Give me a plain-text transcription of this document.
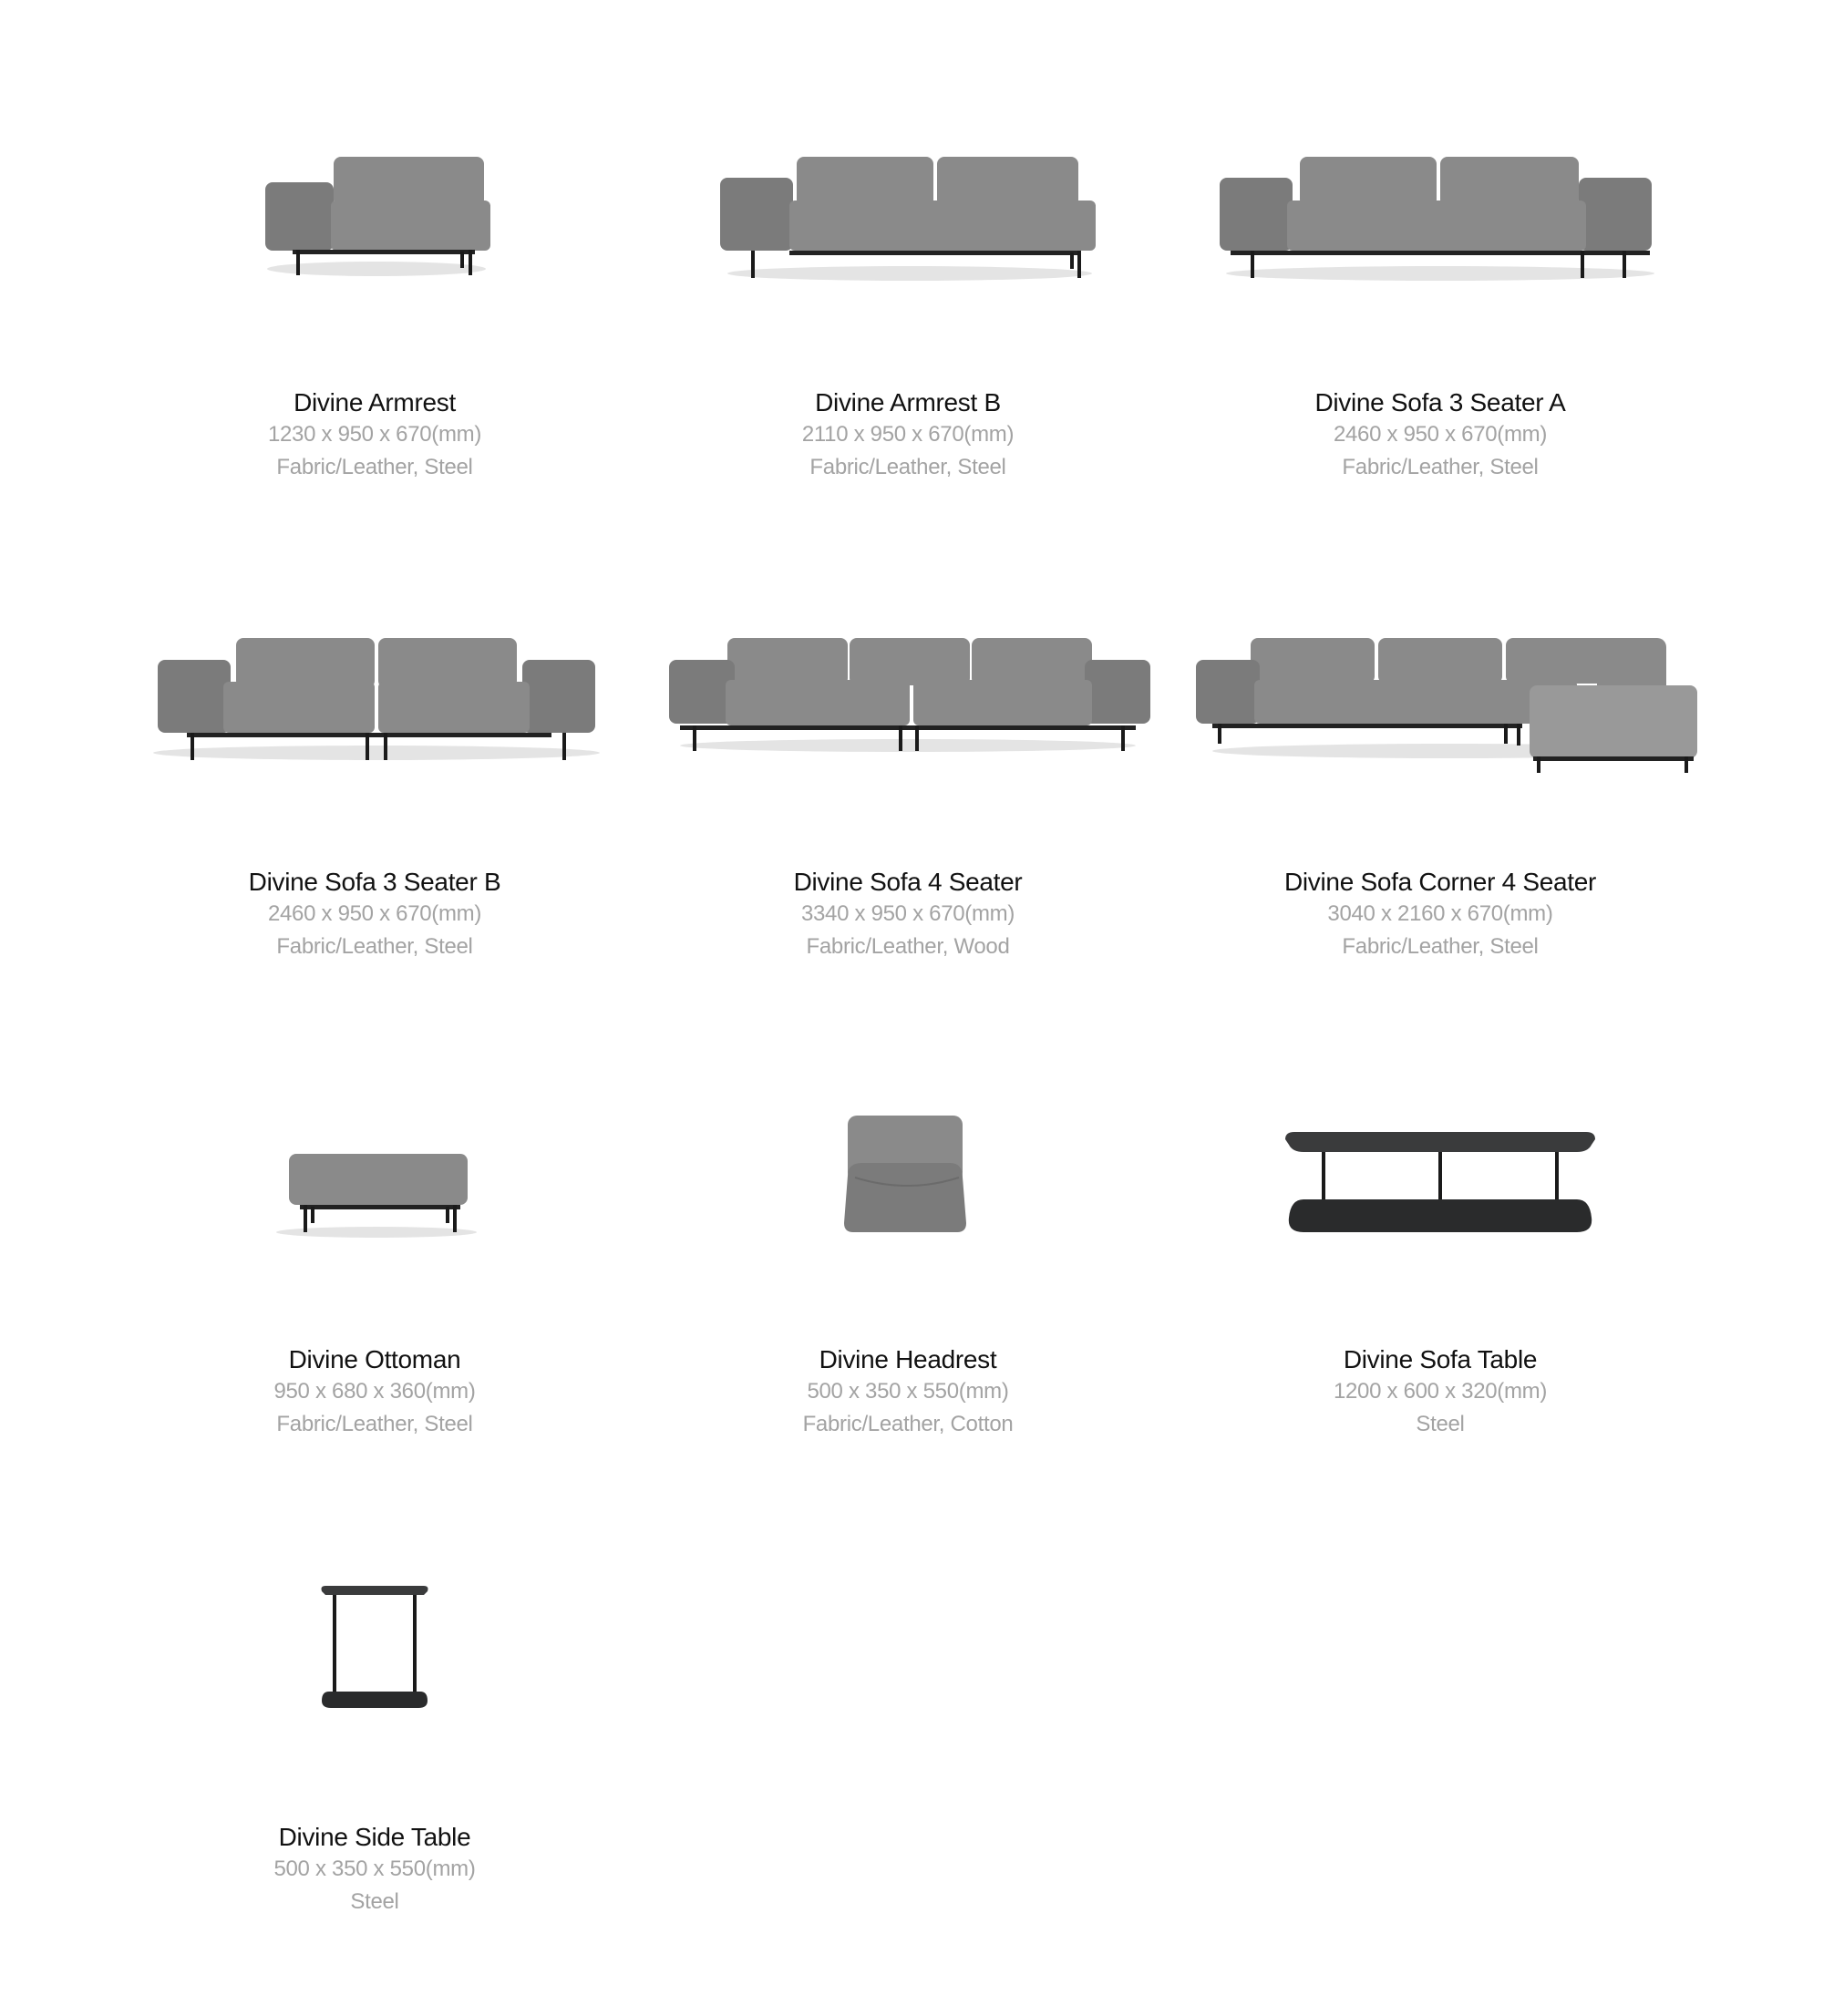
Divine Armrest
1230 x 950 x 670(mm)
Fabric/Leather, Steel
Divine Armrest B
2110 x 950 x 670(mm)
Fabric/Leather, Steel
Divine Sofa 3 Seater A
2460 x 950 x 670(mm)
Fabric/Leather, Steel
Divine Sofa 3 Seater B
2460 x 950 x 670(mm)
Fabric/Leather, Steel
Divine Sofa 4 Seater
3340 x 950 x 670(mm)
Fabric/Leather, Wood
Divine Sofa Corner 4 Seater
3040 x 2160 x 670(mm)
Fabric/Leather, Steel
Divine Ottoman
950 x 680 x 360(mm)
Fabric/Leather, Steel
Divine Headrest
500 x 350 x 550(mm)
Fabric/Leather, Cotton
Divine Sofa Table
1200 x 600 x 320(mm)
Steel
Divine Side Table
500 x 350 x 550(mm)
Steel
